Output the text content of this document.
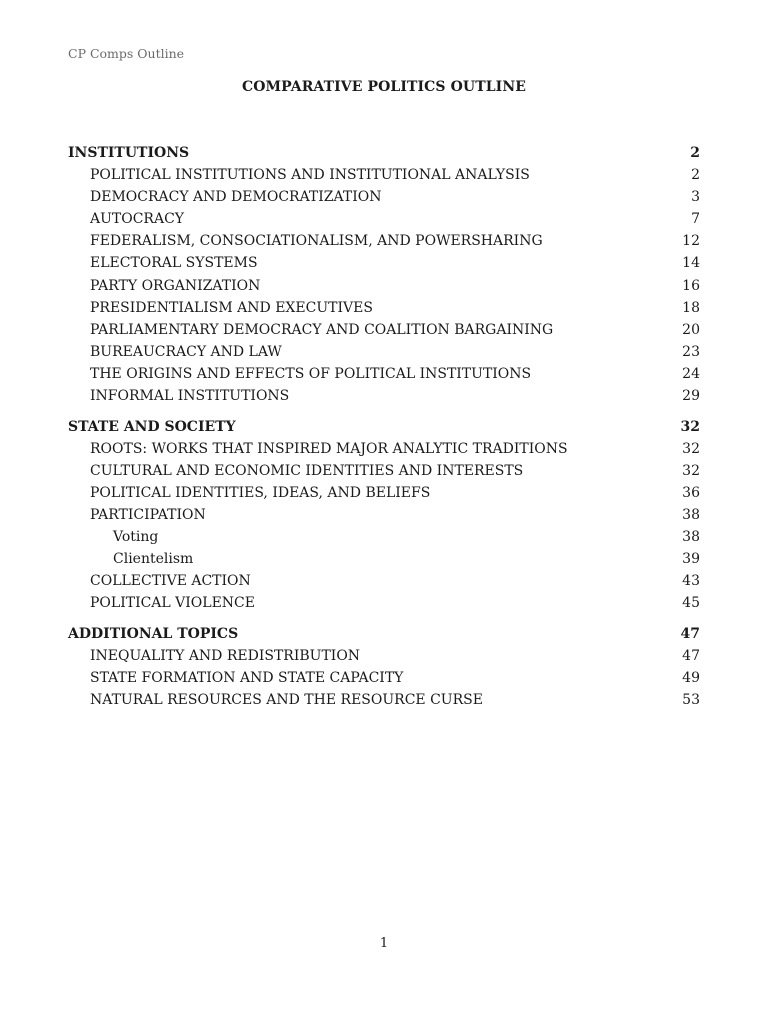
CP Comps Outline
COMPARATIVE POLITICS OUTLINE
INSTITUTIONS	2
POLITICAL INSTITUTIONS AND INSTITUTIONAL ANALYSIS	2
DEMOCRACY AND DEMOCRATIZATION	3
AUTOCRACY	7
FEDERALISM, CONSOCIATIONALISM, AND POWERSHARING	12
ELECTORAL SYSTEMS	14
PARTY ORGANIZATION	16
PRESIDENTIALISM AND EXECUTIVES	18
PARLIAMENTARY DEMOCRACY AND COALITION BARGAINING	20
BUREAUCRACY AND LAW	23
THE ORIGINS AND EFFECTS OF POLITICAL INSTITUTIONS	24
INFORMAL INSTITUTIONS	29
STATE AND SOCIETY	32
ROOTS: WORKS THAT INSPIRED MAJOR ANALYTIC TRADITIONS	32
CULTURAL AND ECONOMIC IDENTITIES AND INTERESTS	32
POLITICAL IDENTITIES, IDEAS, AND BELIEFS	36
PARTICIPATION	38
Voting	38
Clientelism	39
COLLECTIVE ACTION	43
POLITICAL VIOLENCE	45
ADDITIONAL TOPICS	47
INEQUALITY AND REDISTRIBUTION	47
STATE FORMATION AND STATE CAPACITY	49
NATURAL RESOURCES AND THE RESOURCE CURSE	53
1
